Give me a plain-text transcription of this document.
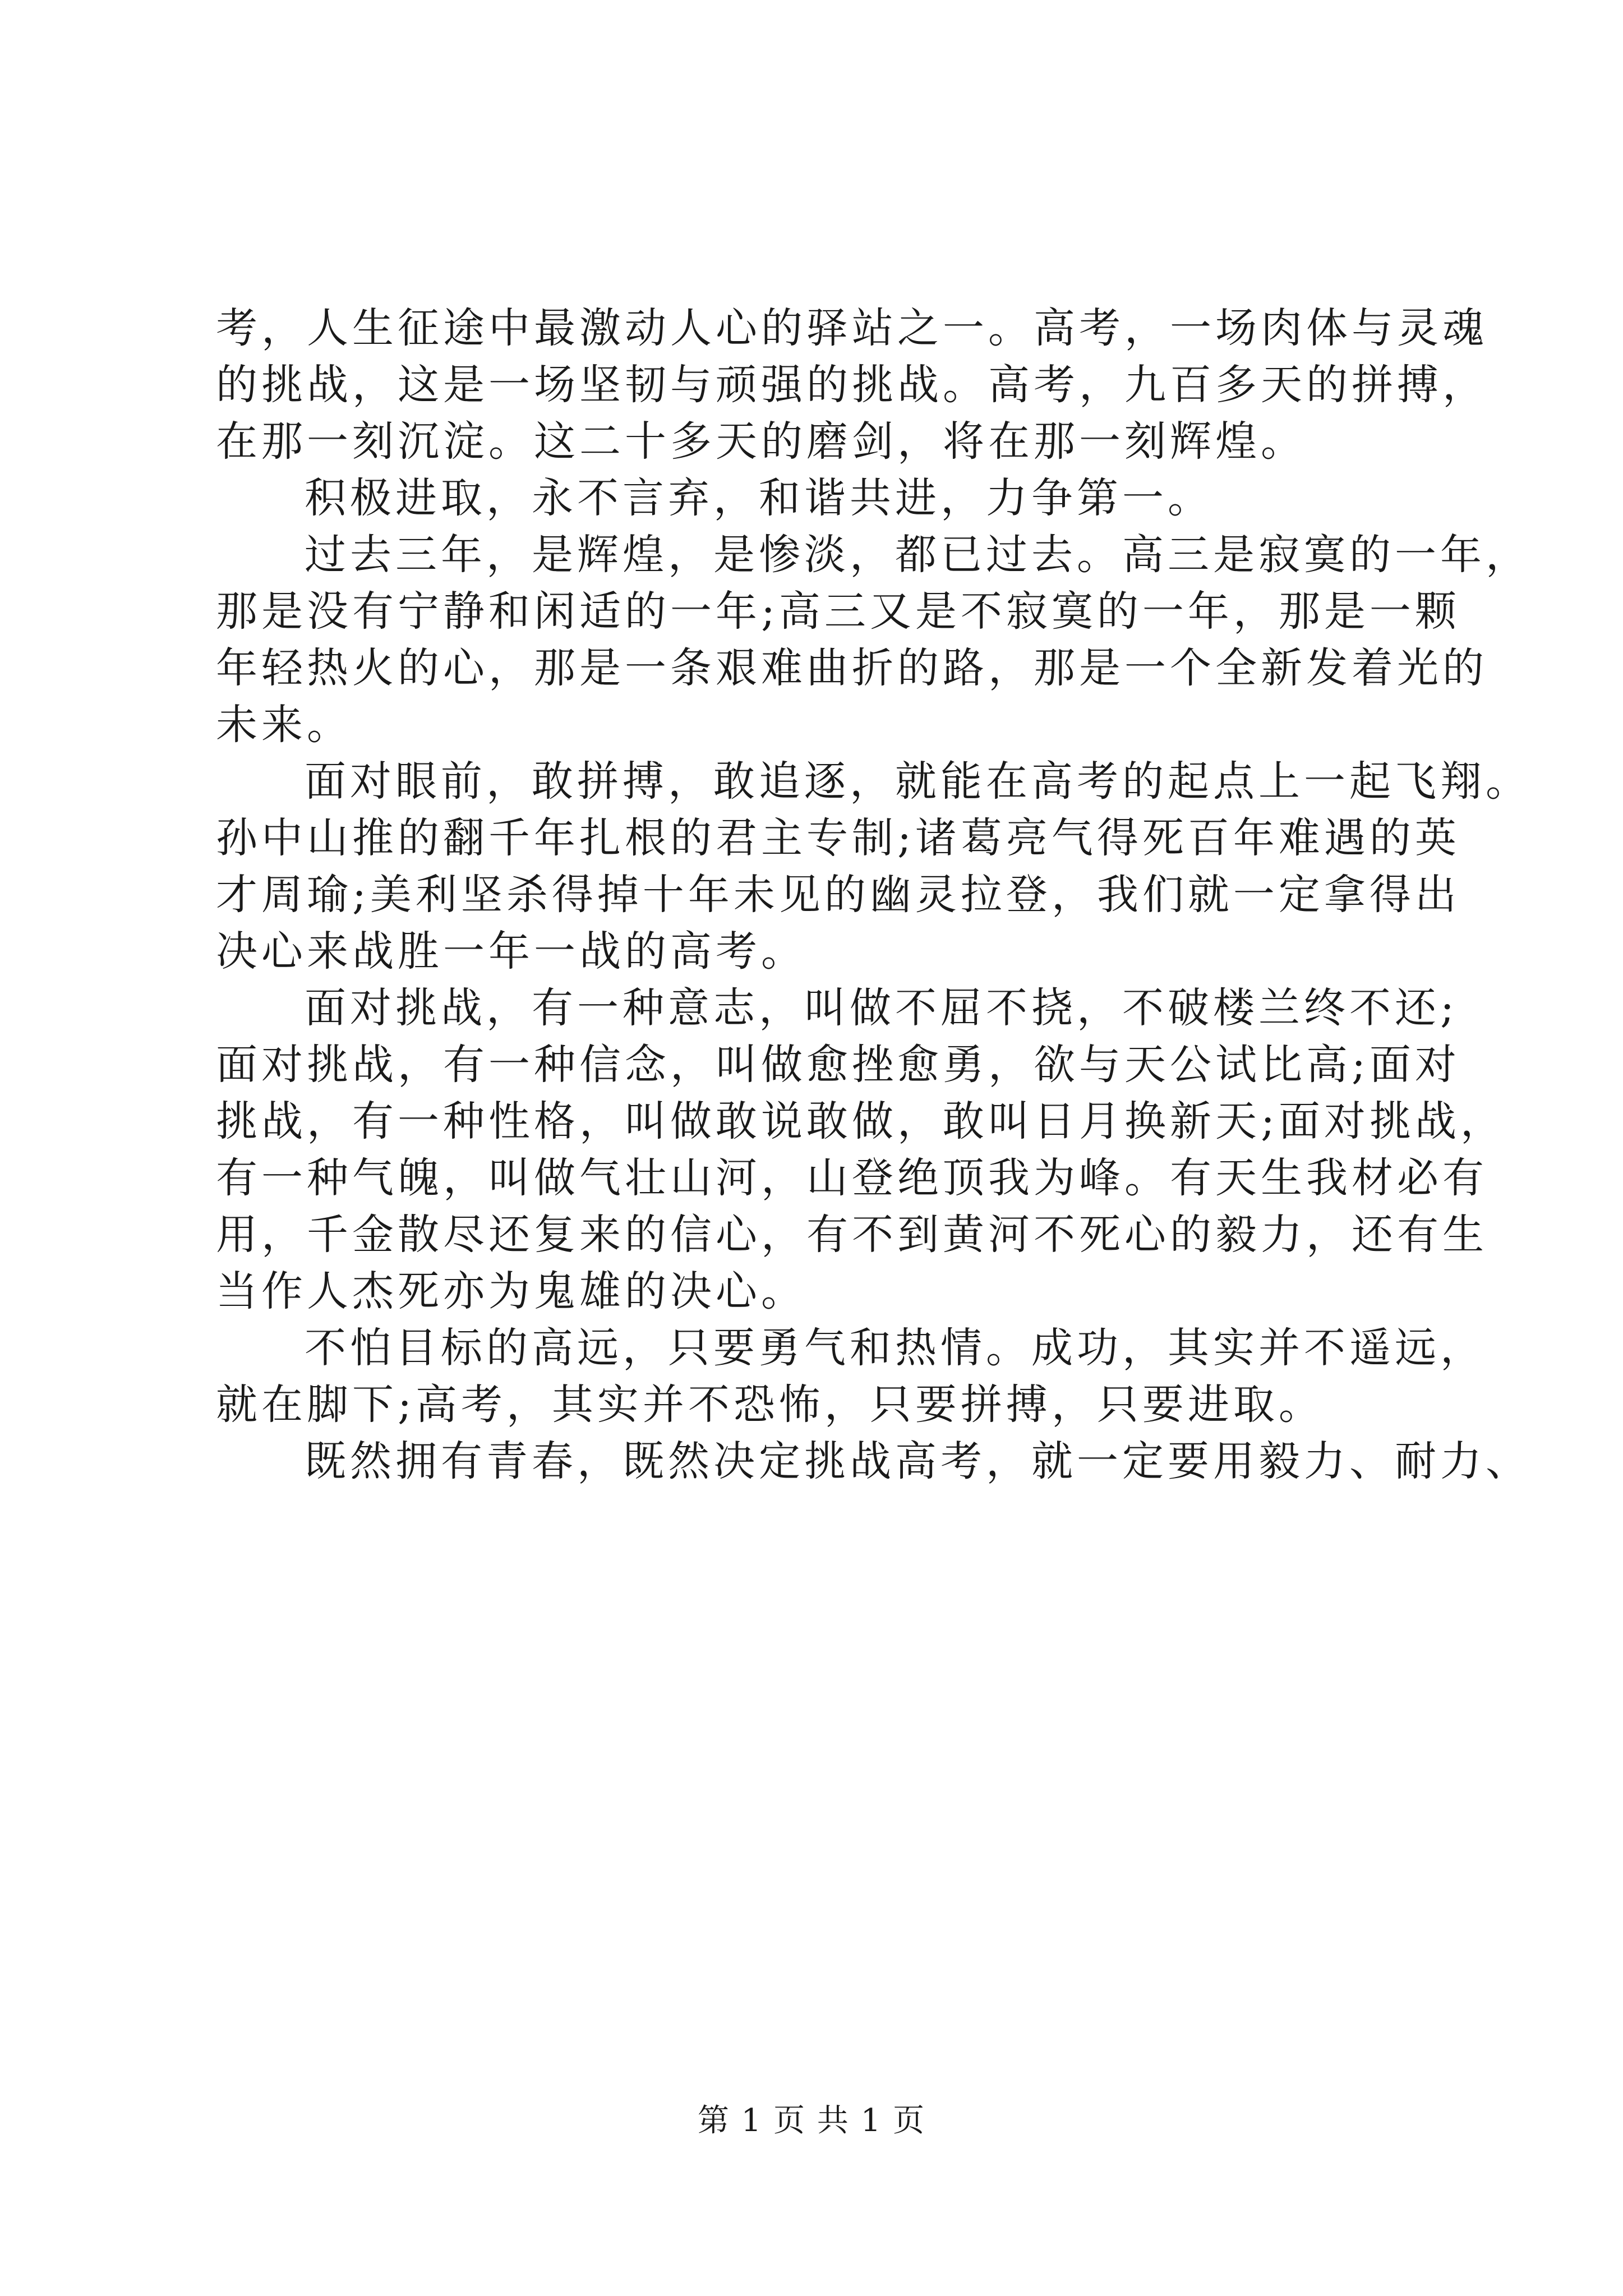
考，人生征途中最激动人心的驿站之一。高考，一场肉体与灵魂

的挑战，这是一场坚韧与顽强的挑战。高考，九百多天的拼搏，

在那一刻沉淀。这二十多天的磨剑，将在那一刻辉煌。

积极进取，永不言弃，和谐共进，力争第一。

过去三年，是辉煌，是惨淡，都已过去。高三是寂寞的一年，

那是没有宁静和闲适的一年;高三又是不寂寞的一年，那是一颗

年轻热火的心，那是一条艰难曲折的路，那是一个全新发着光的

未来。

面对眼前，敢拼搏，敢追逐，就能在高考的起点上一起飞翔。

孙中山推的翻千年扎根的君主专制;诸葛亮气得死百年难遇的英

才周瑜;美利坚杀得掉十年未见的幽灵拉登，我们就一定拿得出

决心来战胜一年一战的高考。

面对挑战，有一种意志，叫做不屈不挠，不破楼兰终不还;

面对挑战，有一种信念，叫做愈挫愈勇，欲与天公试比高;面对

挑战，有一种性格，叫做敢说敢做，敢叫日月换新天;面对挑战，

有一种气魄，叫做气壮山河，山登绝顶我为峰。有天生我材必有

用，千金散尽还复来的信心，有不到黄河不死心的毅力，还有生

当作人杰死亦为鬼雄的决心。

不怕目标的高远，只要勇气和热情。成功，其实并不遥远，

就在脚下;高考，其实并不恐怖，只要拼搏，只要进取。

既然拥有青春，既然决定挑战高考，就一定要用毅力、耐力、

第 1 页 共 1 页
